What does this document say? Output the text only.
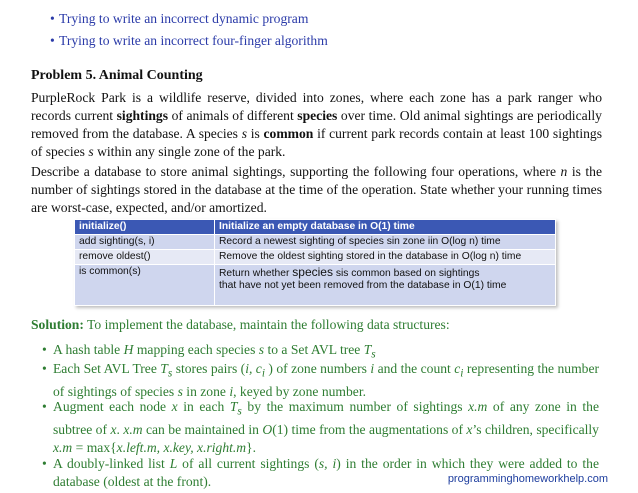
• Trying to write an incorrect dynamic program
• Trying to write an incorrect four-finger algorithm
Problem 5. Animal Counting

PurpleRock Park is a wildlife reserve, divided into zones, where each zone has a park ranger who records current sightings of animals of different species over time. Old animal sightings are periodically removed from the database. A species s is common if current park records contain at least 100 sightings of species s within any single zone of the park.

Describe a database to store animal sightings, supporting the following four operations, where n is the number of sightings stored in the database at the time of the operation. State whether your running times are worst-case, expected, and/or amortized.

initialize()	Initialize an empty database in O(1) time
add sighting(s, i)	Record a newest sighting of species sin zone iin O(log n) time
remove oldest()	Remove the oldest sighting stored in the database in O(log n) time
is common(s)	Return whether species sis common based on sightings
that have not yet been removed from the database in O(1) time
Solution: To implement the database, maintain the following data structures:
• A hash table H mapping each species s to a Set AVL tree $T_s$
• Each Set AVL Tree $T_s$ stores pairs (i, $c_i$ ) of zone numbers i and the count $c_i$ representing the number of sightings of species s in zone i, keyed by zone number.
• Augment each node x in each $T_s$ by the maximum number of sightings x.m of any zone in the subtree of x. x.m can be maintained in O(1) time from the augmentations of x’s children, specifically x.m = max{x.left.m, x.key, x.right.m}.
• A doubly-linked list L of all current sightings (s, i) in the order in which they were added to the database (oldest at the front).	programminghomeworkhelp.com
